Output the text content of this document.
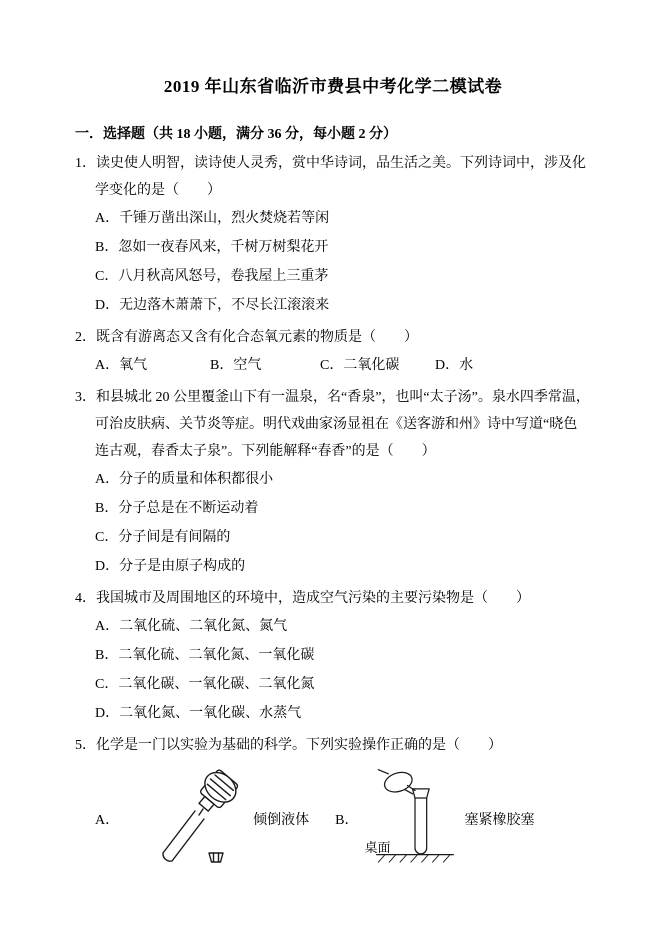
2019 年山东省临沂市费县中考化学二模试卷
一．选择题（共 18 小题，满分 36 分，每小题 2 分）
1．读史使人明智，读诗使人灵秀，赏中华诗词，品生活之美。下列诗词中，涉及化学变化的是（　　）
A．千锤万凿出深山，烈火焚烧若等闲
B．忽如一夜春风来，千树万树梨花开
C．八月秋高风怒号，卷我屋上三重茅
D．无边落木萧萧下，不尽长江滚滚来
2．既含有游离态又含有化合态氧元素的物质是（　　）
A．氧气	B．空气	C．二氧化碳	D．水
3．和县城北 20 公里覆釜山下有一温泉，名“香泉”，也叫“太子汤”。泉水四季常温，可治皮肤病、关节炎等症。明代戏曲家汤显祖在《送客游和州》诗中写道“晓色连古观，春香太子泉”。下列能解释“春香”的是（　　）
A．分子的质量和体积都很小
B．分子总是在不断运动着
C．分子间是有间隔的
D．分子是由原子构成的
4．我国城市及周围地区的环境中，造成空气污染的主要污染物是（　　）
A．二氧化硫、二氧化氮、氮气
B．二氧化硫、二氧化氮、一氧化碳
C．二氧化碳、一氧化碳、二氧化氮
D．二氧化氮、一氧化碳、水蒸气
5．化学是一门以实验为基础的科学。下列实验操作正确的是（　　）
A．	倾倒液体 B．
桌面
塞紧橡胶塞
